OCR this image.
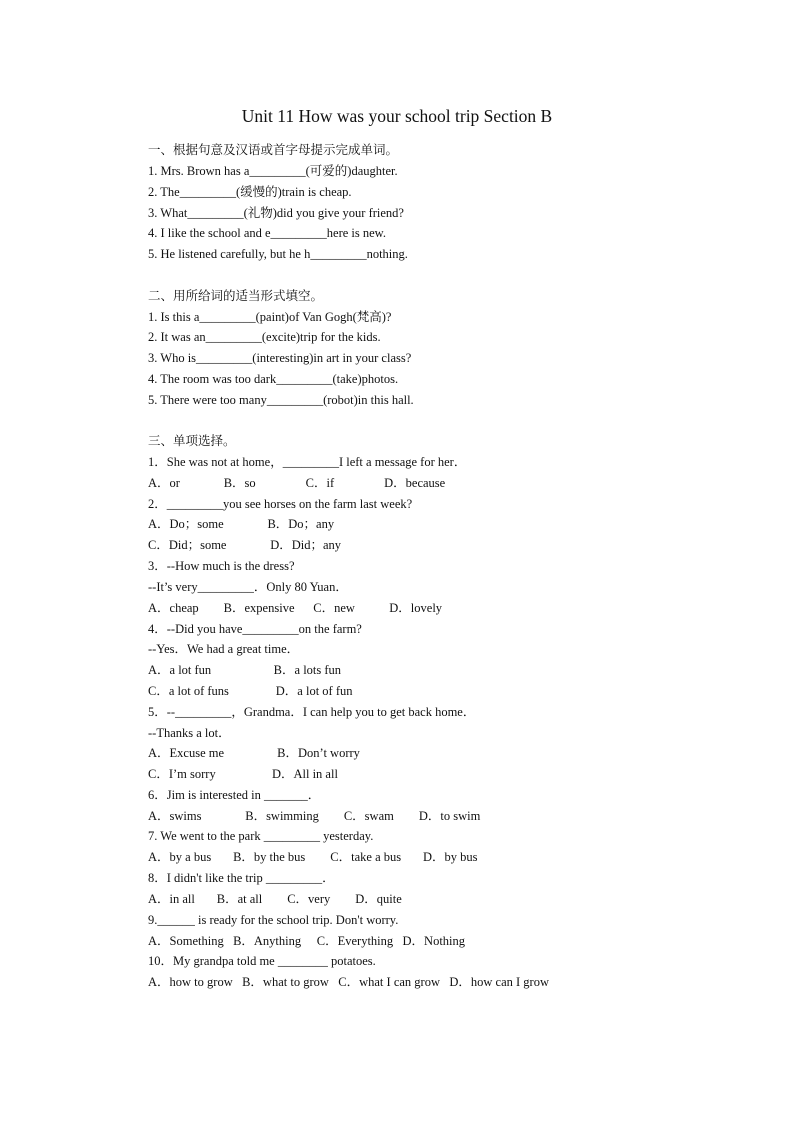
Unit 11 How was your school trip Section B
一、根据句意及汉语或首字母提示完成单词。
1. Mrs. Brown has a_________(可爱的)daughter.
2. The_________(缓慢的)train is cheap.
3. What_________(礼物)did you give your friend?
4. I like the school and e_________here is new.
5. He listened carefully, but he h_________nothing.
二、用所给词的适当形式填空。
1. Is this a_________(paint)of Van Gogh(梵高)?
2. It was an_________(excite)trip for the kids.
3. Who is_________(interesting)in art in your class?
4. The room was too dark_________(take)photos.
5. There were too many_________(robot)in this hall.
三、单项选择。
1．She was not at home，_________I left a message for her．
A．or              B．so                C．if                D．because
2．_________you see horses on the farm last week?
A．Do；some              B．Do；any
C．Did；some              D．Did；any
3．--How much is the dress?
--It’s very_________．Only 80 Yuan．
A．cheap        B．expensive      C．new           D．lovely
4．--Did you have_________on the farm?
--Yes．We had a great time．
A．a lot fun                    B．a lots fun
C．a lot of funs               D．a lot of fun
5．--_________，Grandma．I can help you to get back home．
--Thanks a lot．
A．Excuse me                 B．Don’t worry
C．I’m sorry                  D．All in all
6．Jim is interested in _______．
A．swims              B．swimming        C．swam        D．to swim
7. We went to the park _________ yesterday.
A．by a bus       B．by the bus        C．take a bus       D．by bus
8．I didn't like the trip _________．
A．in all       B．at all        C．very        D．quite
9.______ is ready for the school trip. Don't worry.
A．Something   B．Anything     C．Everything   D．Nothing
10．My grandpa told me ________ potatoes.
A．how to grow   B．what to grow   C．what I can grow   D．how can I grow
